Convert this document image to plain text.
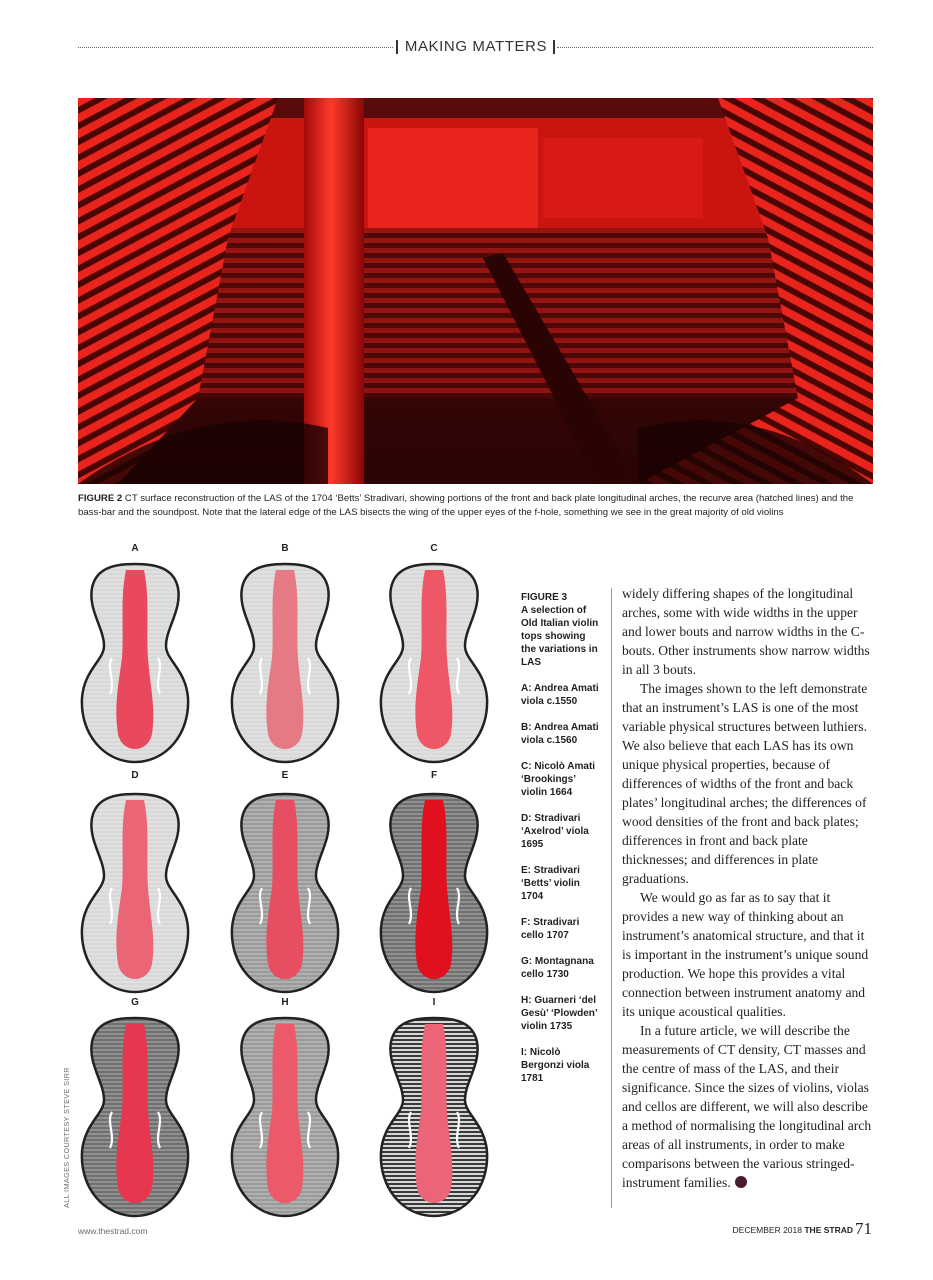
MAKING MATTERS
FIGURE 2 CT surface reconstruction of the LAS of the 1704 ‘Betts’ Stradivari, showing portions of the front and back plate longitudinal arches, the recurve area (hatched lines) and the bass-bar and the soundpost. Note that the lateral edge of the LAS bisects the wing of the upper eyes of the f-hole, something we see in the great majority of old violins
A	B	C
D	E	F
G	H	I
FIGURE 3
A selection of Old Italian violin tops showing the variations in LAS
A: Andrea Amati viola c.1550
B: Andrea Amati viola c.1560
C: Nicolò Amati ‘Brookings’ violin 1664
D: Stradivari ‘Axelrod’ viola 1695
E: Stradivari ‘Betts’ violin 1704
F: Stradivari cello 1707
G: Montagnana cello 1730
H: Guarneri ‘del Gesù’ ‘Plowden’ violin 1735
I: Nicolò Bergonzi viola 1781

widely differing shapes of the longitudinal arches, some with wide widths in the upper and lower bouts and narrow widths in the C-bouts. Other instruments show narrow widths in all 3 bouts.

The images shown to the left demonstrate that an instrument’s LAS is one of the most variable physical structures between luthiers. We also believe that each LAS has its own unique physical properties, because of differences of widths of the front and back plates’ longitudinal arches; the differences of wood densities of the front and back plates; differences in front and back plate thicknesses; and differences in plate graduations.

We would go as far as to say that it provides a new way of thinking about an instrument’s anatomical structure, and that it is important in the instrument’s unique sound production. We hope this provides a vital connection between instrument anatomy and its unique acoustical qualities.

In a future article, we will describe the measurements of CT density, CT masses and the centre of mass of the LAS, and their significance. Since the sizes of violins, violas and cellos are different, we will also describe a method of normalising the longitudinal arch areas of all instruments, in order to make comparisons between the various stringed-instrument families.

ALL IMAGES COURTESY STEVE SIRR
www.thestrad.com	DECEMBER 2018 THE STRAD 71
